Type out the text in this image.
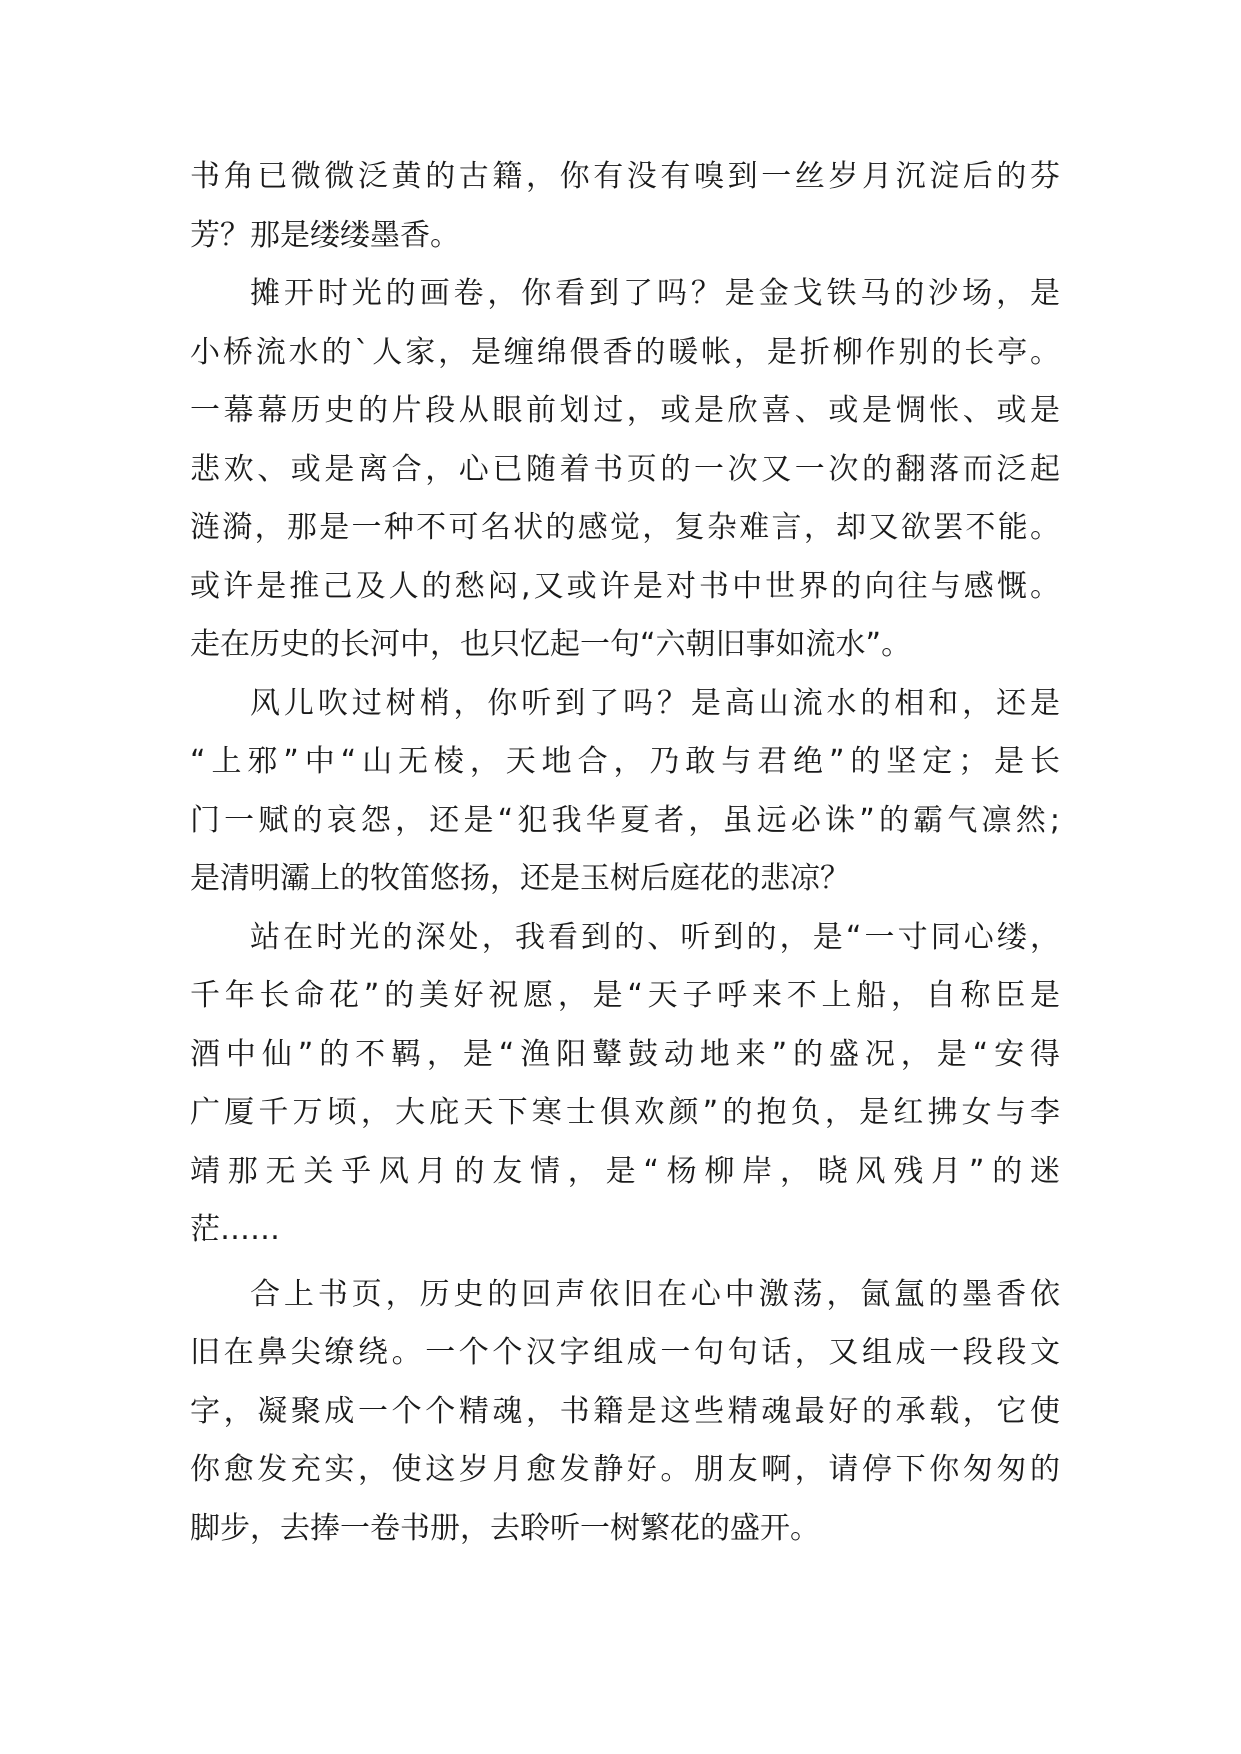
书角已微微泛黄的古籍，你有没有嗅到一丝岁月沉淀后的芬
芳？那是缕缕墨香。
摊开时光的画卷，你看到了吗？是金戈铁马的沙场，是
小桥流水的`人家，是缠绵偎香的暖帐，是折柳作别的长亭。
一幕幕历史的片段从眼前划过，或是欣喜、或是惆怅、或是
悲欢、或是离合，心已随着书页的一次又一次的翻落而泛起
涟漪，那是一种不可名状的感觉，复杂难言，却又欲罢不能。
或许是推己及人的愁闷,又或许是对书中世界的向往与感慨。
走在历史的长河中，也只忆起一句“六朝旧事如流水”。
风儿吹过树梢，你听到了吗？是高山流水的相和，还是
“上邪”中“山无棱，天地合，乃敢与君绝”的坚定；是长
门一赋的哀怨，还是“犯我华夏者，虽远必诛”的霸气凛然;
是清明灞上的牧笛悠扬，还是玉树后庭花的悲凉？
站在时光的深处，我看到的、听到的，是“一寸同心缕，
千年长命花”的美好祝愿，是“天子呼来不上船，自称臣是
酒中仙”的不羁，是“渔阳鼙鼓动地来”的盛况，是“安得
广厦千万顷，大庇天下寒士俱欢颜”的抱负，是红拂女与李
靖那无关乎风月的友情，是“杨柳岸，晓风残月”的迷
茫……
合上书页，历史的回声依旧在心中激荡，氤氲的墨香依
旧在鼻尖缭绕。一个个汉字组成一句句话，又组成一段段文
字，凝聚成一个个精魂，书籍是这些精魂最好的承载，它使
你愈发充实，使这岁月愈发静好。朋友啊，请停下你匆匆的
脚步，去捧一卷书册，去聆听一树繁花的盛开。
